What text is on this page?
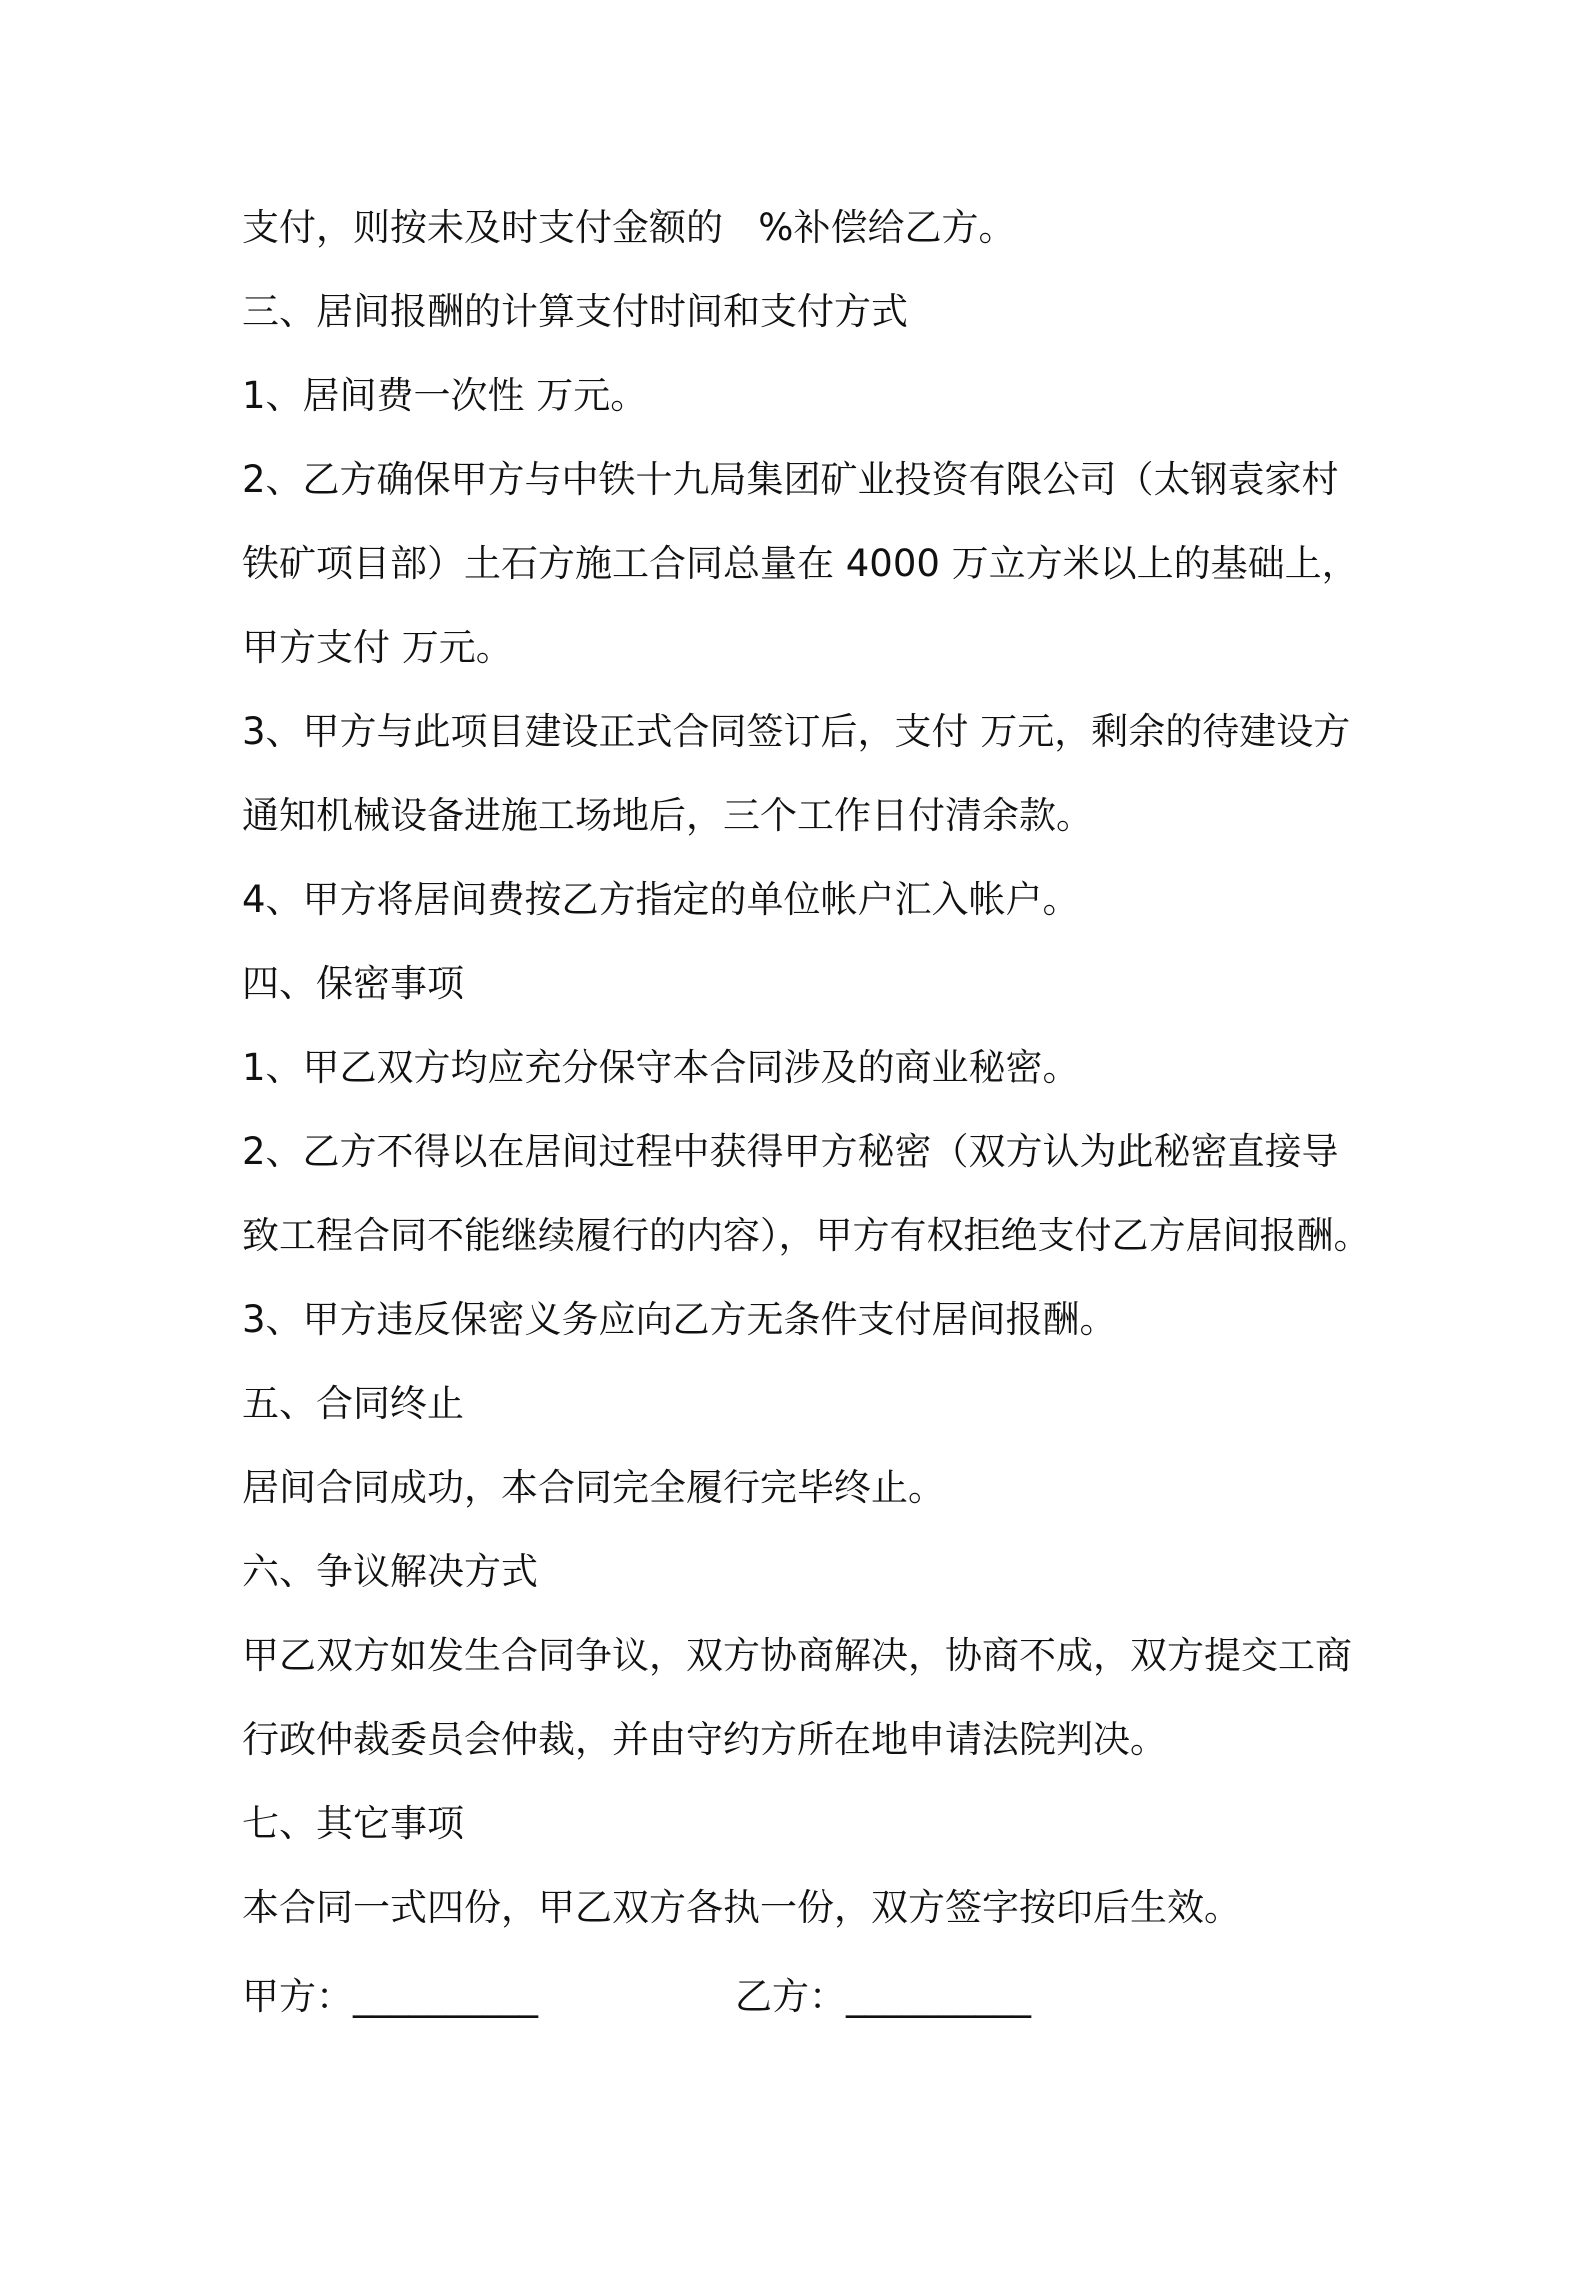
支付，则按未及时支付金额的   %补偿给乙方。
三、居间报酬的计算支付时间和支付方式
1、居间费一次性 万元。
2、乙方确保甲方与中铁十九局集团矿业投资有限公司（太钢袁家村
铁矿项目部）土石方施工合同总量在 4000 万立方米以上的基础上，
甲方支付 万元。
3、甲方与此项目建设正式合同签订后，支付 万元，剩余的待建设方
通知机械设备进施工场地后，三个工作日付清余款。
4、甲方将居间费按乙方指定的单位帐户汇入帐户。
四、保密事项
1、甲乙双方均应充分保守本合同涉及的商业秘密。
2、乙方不得以在居间过程中获得甲方秘密（双方认为此秘密直接导
致工程合同不能继续履行的内容），甲方有权拒绝支付乙方居间报酬。
3、甲方违反保密义务应向乙方无条件支付居间报酬。
五、合同终止
居间合同成功，本合同完全履行完毕终止。
六、争议解决方式
甲乙双方如发生合同争议，双方协商解决，协商不成，双方提交工商
行政仲裁委员会仲裁，并由守约方所在地申请法院判决。
七、其它事项
本合同一式四份，甲乙双方各执一份，双方签字按印后生效。

甲方：__________

	乙方：__________
